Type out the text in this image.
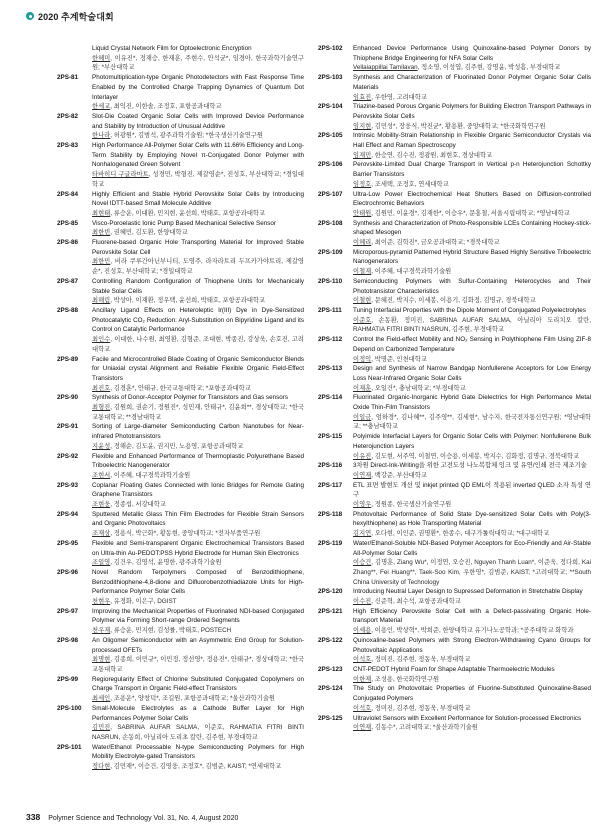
2020 추계학술대회
Liquid Crystal Network Film for Optoelectronic Encryption
한혜미, 이유진*, 정재승, 한재훈, 주현수, 안석균*, 임경아, 한국과학기술연구원; *부산대학교
2PS-81	Photomultiplication-type Organic Photodetectors with Fast Response Time Enabled by the Controlled Charge Trapping Dynamics of Quantum Dot Interlayer
한세교, 최익진, 이한솔, 조정호, 포항공과대학교
2PS-82	Slot-Die Coated Organic Solar Cells with Improved Device Performance and Stability by Introduction of Unusual Additive
한나라, 허광원*, 김범석, 광주과학기술원; *한국생산기술연구원
2PS-83	High Performance All-Polymer Solar Cells with 11.66% Efficiency and Long-Term Stability by Employing Novel π-Conjugated Donor Polymer with Nonhalogenated Green Solvent
타바히디 구글라마트, 성경민, 박형진, 제갈영순*, 진성호, 부산대학교; *경일대학교
2PS-84	Highly Efficient and Stable Hybrid Perovskite Solar Cells by Introducing Novel IDTT-based Small Molecule Additive
최현태, 류승운, 이대환, 민지현, 윤선희, 박태호, 포항공과대학교
2PS-85	Visco-Poroelastic Ionic Pump Based Mechanical Selective Sensor
최한빈, 권혜민, 김도환, 한양대학교
2PS-86	Fluorene-based Organic Hole Transporting Material for Improved Stable Perovskite Solar Cell
최한민, 비라 쿠루간아닌부니티, 도영주, 라자라트리 두프카가야트리, 제갈영순*, 진성호, 부산대학교; *경일대학교
2PS-87	Controlling Random Configuration of Thiophene Units for Mechanically Stable Solar Cells
최해림, 박상아, 이재환, 정우택, 윤선희, 박태호, 포항공과대학교
2PS-88	Ancillary Ligand Effects on Heteroleptic Ir(III) Dye in Dye-Sensitized Photocatalytic CO₂ Reduction: Aryl-Substitution on Bipyridine Ligand and its Control on Catalytic Performance
최인수, 이대한, 나수원, 최영환, 김형준, 조대현, 박종진, 강상욱, 손호진, 고려대학교
2PS-89	Facile and Microcontrolled Blade Coating of Organic Semiconductor Blends for Uniaxial crystal Alignment and Reliable Flexible Organic Field-Effect Transistors
최진호, 김경훈*, 안태규, 한국교통대학교; *포항공과대학교
2PS-90	Synthesis of Donor-Acceptor Polymer for Transistors and Gas sensors
최형진, 김원희, 권순기, 정원진*, 성민재, 안태규*, 김윤희**, 경상대학교; *한국교통대학교; **경남대학교
2PS-91	Sorting of Large-diameter Semiconducting Carbon Nanotubes for Near-infrared Phototransistors
지윤성, 정해순, 김도윤, 권지민, 노용영, 포항공과대학교
2PS-92	Flexible and Enhanced Performance of Thermoplastic Polyurethane Based Triboelectric Nanogenerator
조현서, 이주혜, 대구경북과학기술원
2PS-93	Coplanar Floating Gates Connected with Ionic Bridges for Remote Gating Graphene Transistors
조현웅, 정종섭, 서강대학교
2PS-94	Sputtered Metallic Glass Thin Film Electrodes for Flexible Strain Sensors and Organic Photovoltaics
조재상, 정용식, 박근화*, 황동현, 중앙대학교; *전자부품연구원
2PS-95	Flexible and Semi-transparent Organic Electrochemical Transistors Based on Ultra-thin Au-PEDOT:PSS Hybrid Electrode for Human Skin Electronics
조일영, 김건우, 김영석, 윤명한, 광주과학기술원
2PS-96	Novel Random Terpolymers Composed of Benzodithiophene, Benzodithiophene-4,8-dione and Difluorobenzothiadiazole Units for High-Performance Polymer Solar Cells
천현우, 유정화, 이은구, DGIST
2PS-97	Improving the Mechanical Properties of Fluorinated NDI-based Conjugated Polymer via Forming Short-range Ordered Segments
천우재, 류승운, 민지현, 김성률, 박태호, POSTECH
2PS-98	An Oligomer Semiconductor with an Asymmetric End Group for Solution-processed OFETs
최명현, 김종희, 이민규*, 이민정, 정선영*, 정용진*, 안태규*, 경상대학교; *한국교통대학교
2PS-99	Regioregularity Effect of Chlorine Substituted Conjugated Copolymers on Charge Transport in Organic Field-effect Transistors
최세인, 조용운*, 양창덕*, 조길원, 포항공과대학교; *울산과학기술원
2PS-100	Small-Molecule Electrolytes as a Cathode Buffer Layer for High Performances Polymer Solar Cells
김민진, SABRINA AUFAR SALMA, 이준호, RAHMATIA FITRI BINTI NASRUN, 손동희, 아닐리아 도리초 칼란, 김주현, 부경대학교
2PS-101	Water/Ethanol Processable N-type Semiconducting Polymers for High Mobility Electrolyte-gated Transistors
정다현, 김민재*, 이승건, 김영웅, 조정호*, 김범준, KAIST; *연세대학교
2PS-102	Enhanced Device Performance Using Quinoxaline-based Polymer Donors by Thiophene Bridge Engineering for NFA Solar Cells
Vellaiappillai Tamilavan, 정소영, 이성엽, 김주현, 강명윤, 박성흠, 부경대학교
2PS-103	Synthesis and Characterization of Fluorinated Donor Polymer Organic Solar Cells Materials
임효진, 우한영, 고려대학교
2PS-104	Triazine-based Porous Organic Polymers for Building Electron Transport Pathways in Perovskite Solar Cells
임지현, 김민성*, 장웅식, 박진균*, 황용환, 중앙대학교; *한국화학연구원
2PS-105	Intrinsic Mobility-Strain Relationship in Flexible Organic Semiconductor Crystals via Hall Effect and Raman Spectroscopy
임재민, 한승연, 김수진, 정광원, 최현호, 경상대학교
2PS-106	Perovskite-Limited Dual Charge Transport in Vertical p-n Heterojunction Schottky Barrier Transistors
임정호, 조세택, 조정호, 연세대학교
2PS-107	Ultra-Low Power Electrochemical Heat Shutters Based on Diffusion-controlled Electrochromic Behaviors
안태원, 김원민, 이윤경*, 김재한*, 이승우*, 문홍철, 서울시립대학교; *영남대학교
2PS-108	Synthesis and Characterization of Photo-Responsible LCEs Containing Hockey-stick-shaped Mesogen
이혜리, 최이준, 김학진*, 금오공과대학교; *경북대학교
2PS-109	Microporous-pyramid Patterned Hybrid Structure Based Highly Sensitive Triboelectric Nanogenerators
이철재, 이주혜, 대구경북과학기술원
2PS-110	Semiconducting Polymers with Sulfur-Containing Heterocycles and Their Phototransistor Characteristics
이철현, 문혜진, 박지수, 이세봉, 이용기, 김화정, 김명규, 경북대학교
2PS-111	Tuning Interfacial Properties with the Dipole Moment of Conjugated Polyelectrolytes
이준호, 손동환, 정미진, SABRINA AUFAR SALMA, 아닐리아 도리치오 칼란, RAHMATIA FITRI BINTI NASRUN, 김주현, 부경대학교
2PS-112	Control the Field-effect Mobility and NO₂ Sensing in Polythiophene Film Using ZIF-8 Depend on Carbonized Temperature
이정익, 박명준, 인천대학교
2PS-113	Design and Synthesis of Narrow Bandgap Nonfullerene Acceptors for Low Energy Loss Near-Infrared Organic Solar Cells
이재훈, 오일건*, 충남대학교; *부경대학교
2PS-114	Fluorinated Organic-Inorganic Hybrid Gate Dielectrics for High Performance Metal Oxide Thin-Film Transistors
이일금, 엄하경*, 김나혜**, 김주영**, 김세현*, 남수지, 한국전자통신연구원; *영남대학교; **충남대학교
2PS-115	Polyimide Interfacial Layers for Organic Solar Cells with Polymer: Nonfullerene Bulk Heterojunction Layers
이유진, 김도현, 서주역, 이철연, 이승용, 이세봉, 박지수, 김화정, 김명규, 경북대학교
2PS-116	3차원 Direct-Ink-Writing을 위한 고전도성 나노복합체 잉크 및 유연/인쇄 전극 제조기술
이연재, 백강준, 부산대학교
2PS-117	ETL 표면 발현도 개선 및 inkjet printed QD EML이 적용된 inverted QLED 소자 특성 연구
이영우, 정원종, 한국생산기술연구원
2PS-118	Photovoltaic Performance of Solid State Dye-sensitized Solar Cells with Poly(3-hexylthiophene) as Hole Transporting Material
김지연, 오다현, 이인준, 권명환*, 한종수, 대구가톨릭대학교; *대구대학교
2PS-119	Water/Ethanol-Soluble NDI-Based Polymer Acceptors for Eco-Friendly and Air-Stable All-Polymer Solar Cells
이승건, 김명훈, Ziang Wu*, 이정연, 오승진, Nguyen Thanh Luan*, 이준욱, 정다희, Kai Zhang**, Fei Huang**, Taek-Soo Kim, 우한영*, 김범준, KAIST; *고려대학교; **South China University of Technology
2PS-120	Introducing Neutral Layer Design to Supressed Deformation in Stretchable Display
이수진, 신준혁, 최수석, 포항공과대학교
2PS-121	High Efficiency Perovskite Solar Cell with a Defect-passivating Organic Hole-transport Material
이세용, 이용인, 박상혁*, 박희준, 한양대학교 유기나노공학과; *공주대학교 화학과
2PS-122	Quinoxaline-based Polymers with Strong Electron-Withdrawing Cyano Groups for Photovoltaic Applications
이석호, 정미진, 김주현, 정동욱, 부경대학교
2PS-123	CNT-PEDOT Hybrid Foam for Shape Adaptable Thermoelectric Modules
이한재, 조성용, 한국화학연구원
2PS-124	The Study on Photovoltaic Properties of Fluorine-Substituted Quinoxaline-Based Conjugated Polymers
이석호, 정미진, 김주현, 정동욱, 부경대학교
2PS-125	Ultraviolet Sensors with Excellent Performance for Solution-processed Electronics
이연재, 김동수*, 고려대학교; *울산과학기술원
338 Polymer Science and Technology Vol. 31, No. 4, August 2020
